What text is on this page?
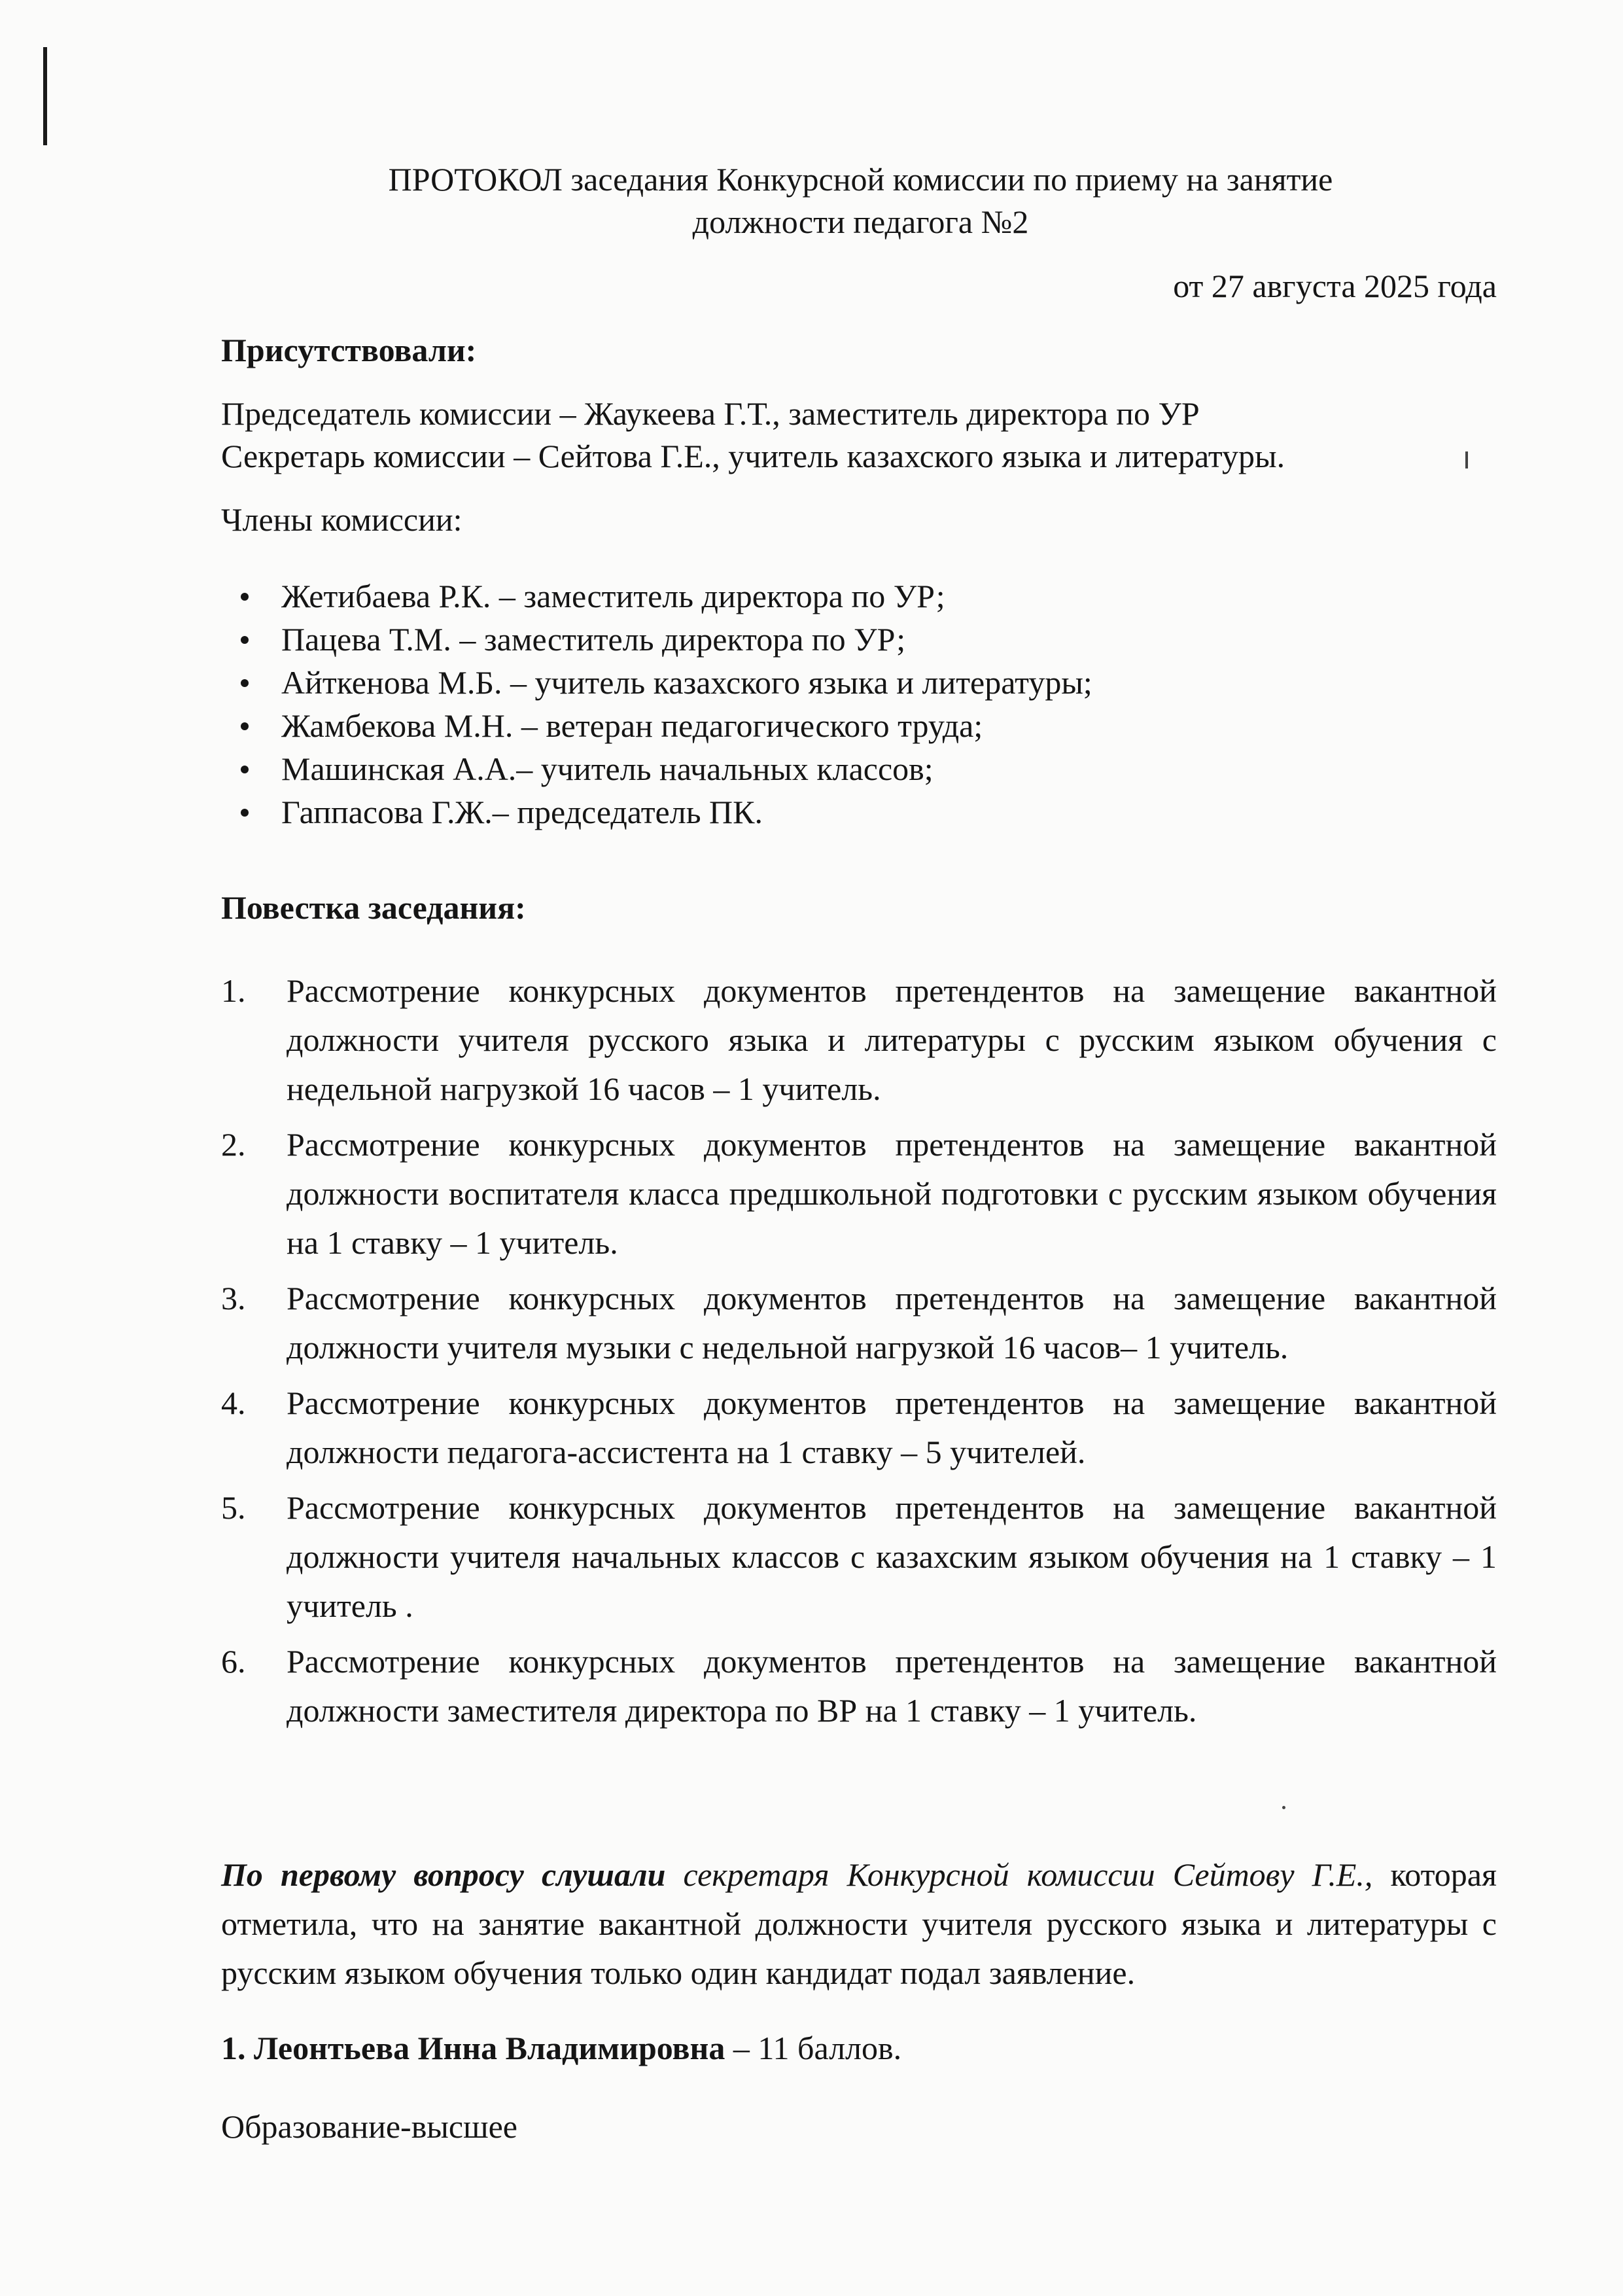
ПРОТОКОЛ заседания Конкурсной комиссии по приему на занятие
должности педагога №2
от 27 августа 2025 года
Присутствовали:
Председатель комиссии – Жаукеева Г.Т., заместитель директора по УР
Секретарь комиссии – Сейтова Г.Е., учитель казахского языка и литературы.
Члены комиссии:
Жетибаева Р.К. – заместитель директора по УР;
Пацева Т.М. – заместитель директора по УР;
Айткенова М.Б. – учитель казахского языка и литературы;
Жамбекова М.Н. – ветеран педагогического труда;
Машинская А.А.– учитель начальных классов;
Гаппасова Г.Ж.– председатель ПК.
Повестка заседания:
1. Рассмотрение конкурсных документов претендентов на замещение вакантной должности учителя русского языка и литературы с русским языком обучения с недельной нагрузкой 16 часов – 1 учитель.
2. Рассмотрение конкурсных документов претендентов на замещение вакантной должности воспитателя класса предшкольной подготовки с русским языком обучения на 1 ставку – 1 учитель.
3. Рассмотрение конкурсных документов претендентов на замещение вакантной должности учителя музыки с недельной нагрузкой 16 часов– 1 учитель.
4. Рассмотрение конкурсных документов претендентов на замещение вакантной должности педагога-ассистента на 1 ставку – 5 учителей.
5. Рассмотрение конкурсных документов претендентов на замещение вакантной должности учителя начальных классов с казахским языком обучения на 1 ставку – 1 учитель .
6. Рассмотрение конкурсных документов претендентов на замещение вакантной должности заместителя директора по ВР на 1 ставку – 1 учитель.

По первому вопросу слушали секретаря Конкурсной комиссии Сейтову Г.Е., которая отметила, что на занятие вакантной должности учителя русского языка и литературы с русским языком обучения только один кандидат подал заявление.

1. Леонтьева Инна Владимировна – 11 баллов.
Образование-высшее
